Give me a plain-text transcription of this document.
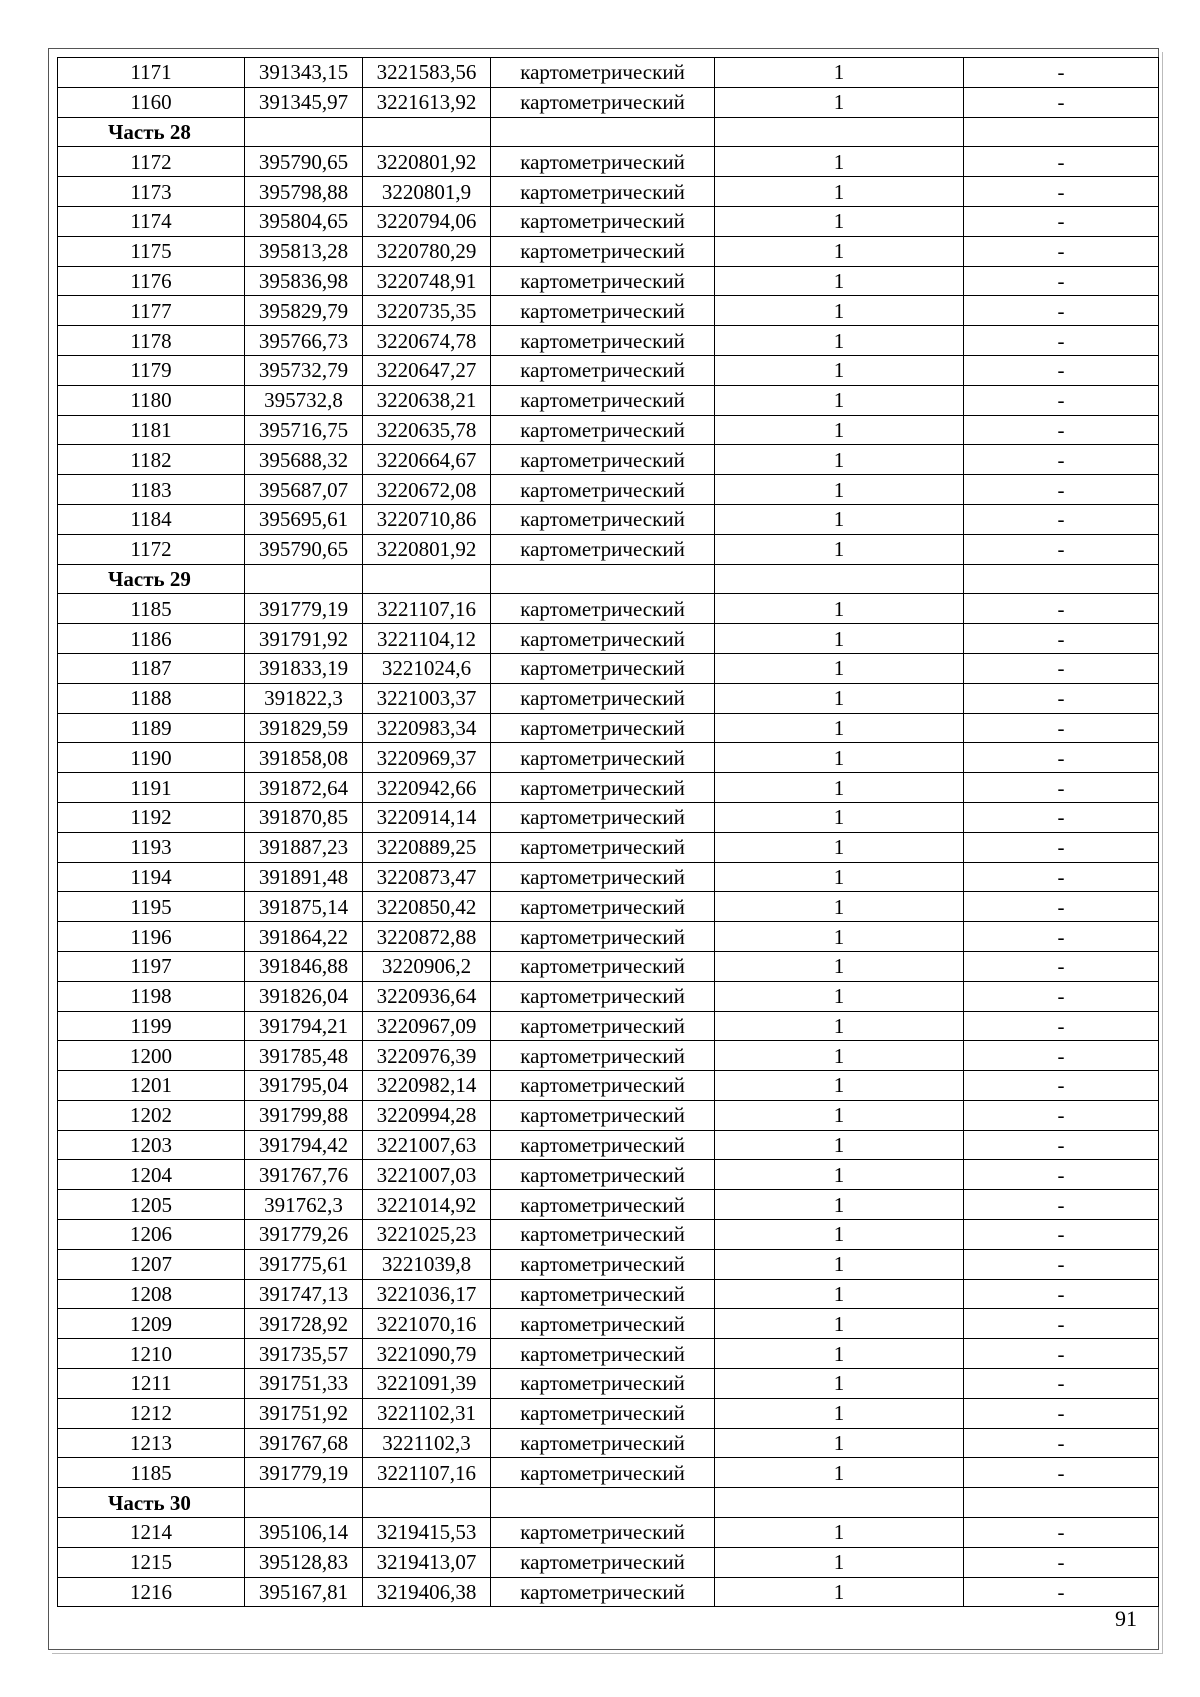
1171	391343,15	3221583,56	картометрический	1	-
1160	391345,97	3221613,92	картометрический	1	-
Часть 28					
1172	395790,65	3220801,92	картометрический	1	-
1173	395798,88	3220801,9	картометрический	1	-
1174	395804,65	3220794,06	картометрический	1	-
1175	395813,28	3220780,29	картометрический	1	-
1176	395836,98	3220748,91	картометрический	1	-
1177	395829,79	3220735,35	картометрический	1	-
1178	395766,73	3220674,78	картометрический	1	-
1179	395732,79	3220647,27	картометрический	1	-
1180	395732,8	3220638,21	картометрический	1	-
1181	395716,75	3220635,78	картометрический	1	-
1182	395688,32	3220664,67	картометрический	1	-
1183	395687,07	3220672,08	картометрический	1	-
1184	395695,61	3220710,86	картометрический	1	-
1172	395790,65	3220801,92	картометрический	1	-
Часть 29					
1185	391779,19	3221107,16	картометрический	1	-
1186	391791,92	3221104,12	картометрический	1	-
1187	391833,19	3221024,6	картометрический	1	-
1188	391822,3	3221003,37	картометрический	1	-
1189	391829,59	3220983,34	картометрический	1	-
1190	391858,08	3220969,37	картометрический	1	-
1191	391872,64	3220942,66	картометрический	1	-
1192	391870,85	3220914,14	картометрический	1	-
1193	391887,23	3220889,25	картометрический	1	-
1194	391891,48	3220873,47	картометрический	1	-
1195	391875,14	3220850,42	картометрический	1	-
1196	391864,22	3220872,88	картометрический	1	-
1197	391846,88	3220906,2	картометрический	1	-
1198	391826,04	3220936,64	картометрический	1	-
1199	391794,21	3220967,09	картометрический	1	-
1200	391785,48	3220976,39	картометрический	1	-
1201	391795,04	3220982,14	картометрический	1	-
1202	391799,88	3220994,28	картометрический	1	-
1203	391794,42	3221007,63	картометрический	1	-
1204	391767,76	3221007,03	картометрический	1	-
1205	391762,3	3221014,92	картометрический	1	-
1206	391779,26	3221025,23	картометрический	1	-
1207	391775,61	3221039,8	картометрический	1	-
1208	391747,13	3221036,17	картометрический	1	-
1209	391728,92	3221070,16	картометрический	1	-
1210	391735,57	3221090,79	картометрический	1	-
1211	391751,33	3221091,39	картометрический	1	-
1212	391751,92	3221102,31	картометрический	1	-
1213	391767,68	3221102,3	картометрический	1	-
1185	391779,19	3221107,16	картометрический	1	-
Часть 30					
1214	395106,14	3219415,53	картометрический	1	-
1215	395128,83	3219413,07	картометрический	1	-
1216	395167,81	3219406,38	картометрический	1	-
91
